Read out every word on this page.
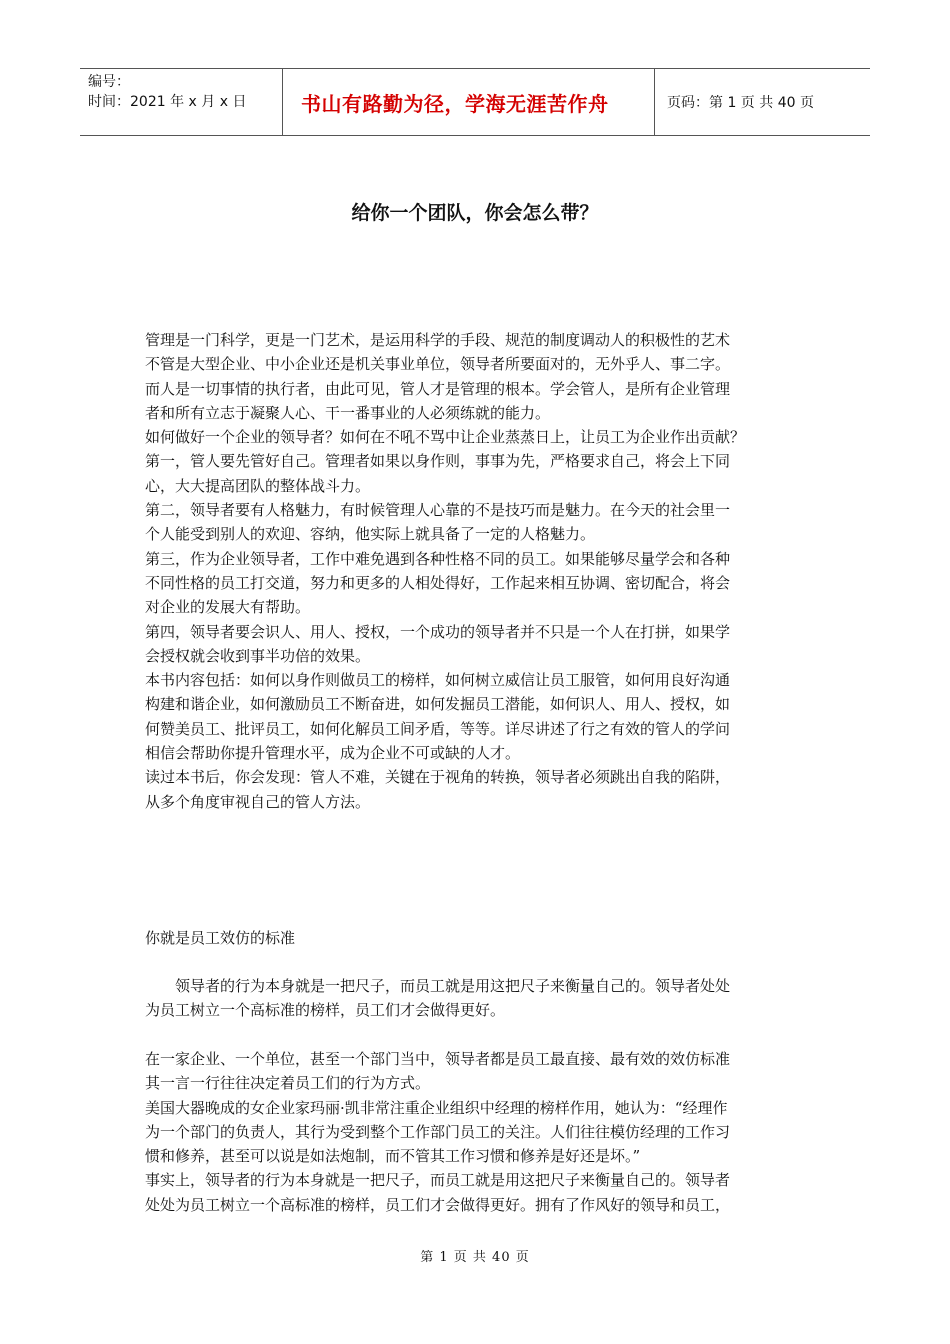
编号：
时间：2021 年 x 月 x 日	书山有路勤为径，学海无涯苦作舟	页码：第 1 页 共 40 页
给你一个团队，你会怎么带？

管理是一门科学，更是一门艺术，是运用科学的手段、规范的制度调动人的积极性的艺术

不管是大型企业、中小企业还是机关事业单位，领导者所要面对的，无外乎人、事二字。

而人是一切事情的执行者，由此可见，管人才是管理的根本。学会管人，是所有企业管理

者和所有立志于凝聚人心、干一番事业的人必须练就的能力。

如何做好一个企业的领导者？如何在不吼不骂中让企业蒸蒸日上，让员工为企业作出贡献？

第一，管人要先管好自己。管理者如果以身作则，事事为先，严格要求自己，将会上下同

心，大大提高团队的整体战斗力。

第二，领导者要有人格魅力，有时候管理人心靠的不是技巧而是魅力。在今天的社会里一

个人能受到别人的欢迎、容纳，他实际上就具备了一定的人格魅力。

第三，作为企业领导者，工作中难免遇到各种性格不同的员工。如果能够尽量学会和各种

不同性格的员工打交道，努力和更多的人相处得好，工作起来相互协调、密切配合，将会

对企业的发展大有帮助。

第四，领导者要会识人、用人、授权，一个成功的领导者并不只是一个人在打拼，如果学

会授权就会收到事半功倍的效果。

本书内容包括：如何以身作则做员工的榜样，如何树立威信让员工服管，如何用良好沟通

构建和谐企业，如何激励员工不断奋进，如何发掘员工潜能，如何识人、用人、授权，如

何赞美员工、批评员工，如何化解员工间矛盾，等等。详尽讲述了行之有效的管人的学问

相信会帮助你提升管理水平，成为企业不可或缺的人才。

读过本书后，你会发现：管人不难，关键在于视角的转换，领导者必须跳出自我的陷阱，

从多个角度审视自己的管人方法。

你就是员工效仿的标准

领导者的行为本身就是一把尺子，而员工就是用这把尺子来衡量自己的。领导者处处

为员工树立一个高标准的榜样，员工们才会做得更好。

在一家企业、一个单位，甚至一个部门当中，领导者都是员工最直接、最有效的效仿标准

其一言一行往往决定着员工们的行为方式。

美国大器晚成的女企业家玛丽·凯非常注重企业组织中经理的榜样作用，她认为：“经理作

为一个部门的负责人，其行为受到整个工作部门员工的关注。人们往往模仿经理的工作习

惯和修养，甚至可以说是如法炮制，而不管其工作习惯和修养是好还是坏。”

事实上，领导者的行为本身就是一把尺子，而员工就是用这把尺子来衡量自己的。领导者

处处为员工树立一个高标准的榜样，员工们才会做得更好。拥有了作风好的领导和员工，

第 1 页 共 40 页
